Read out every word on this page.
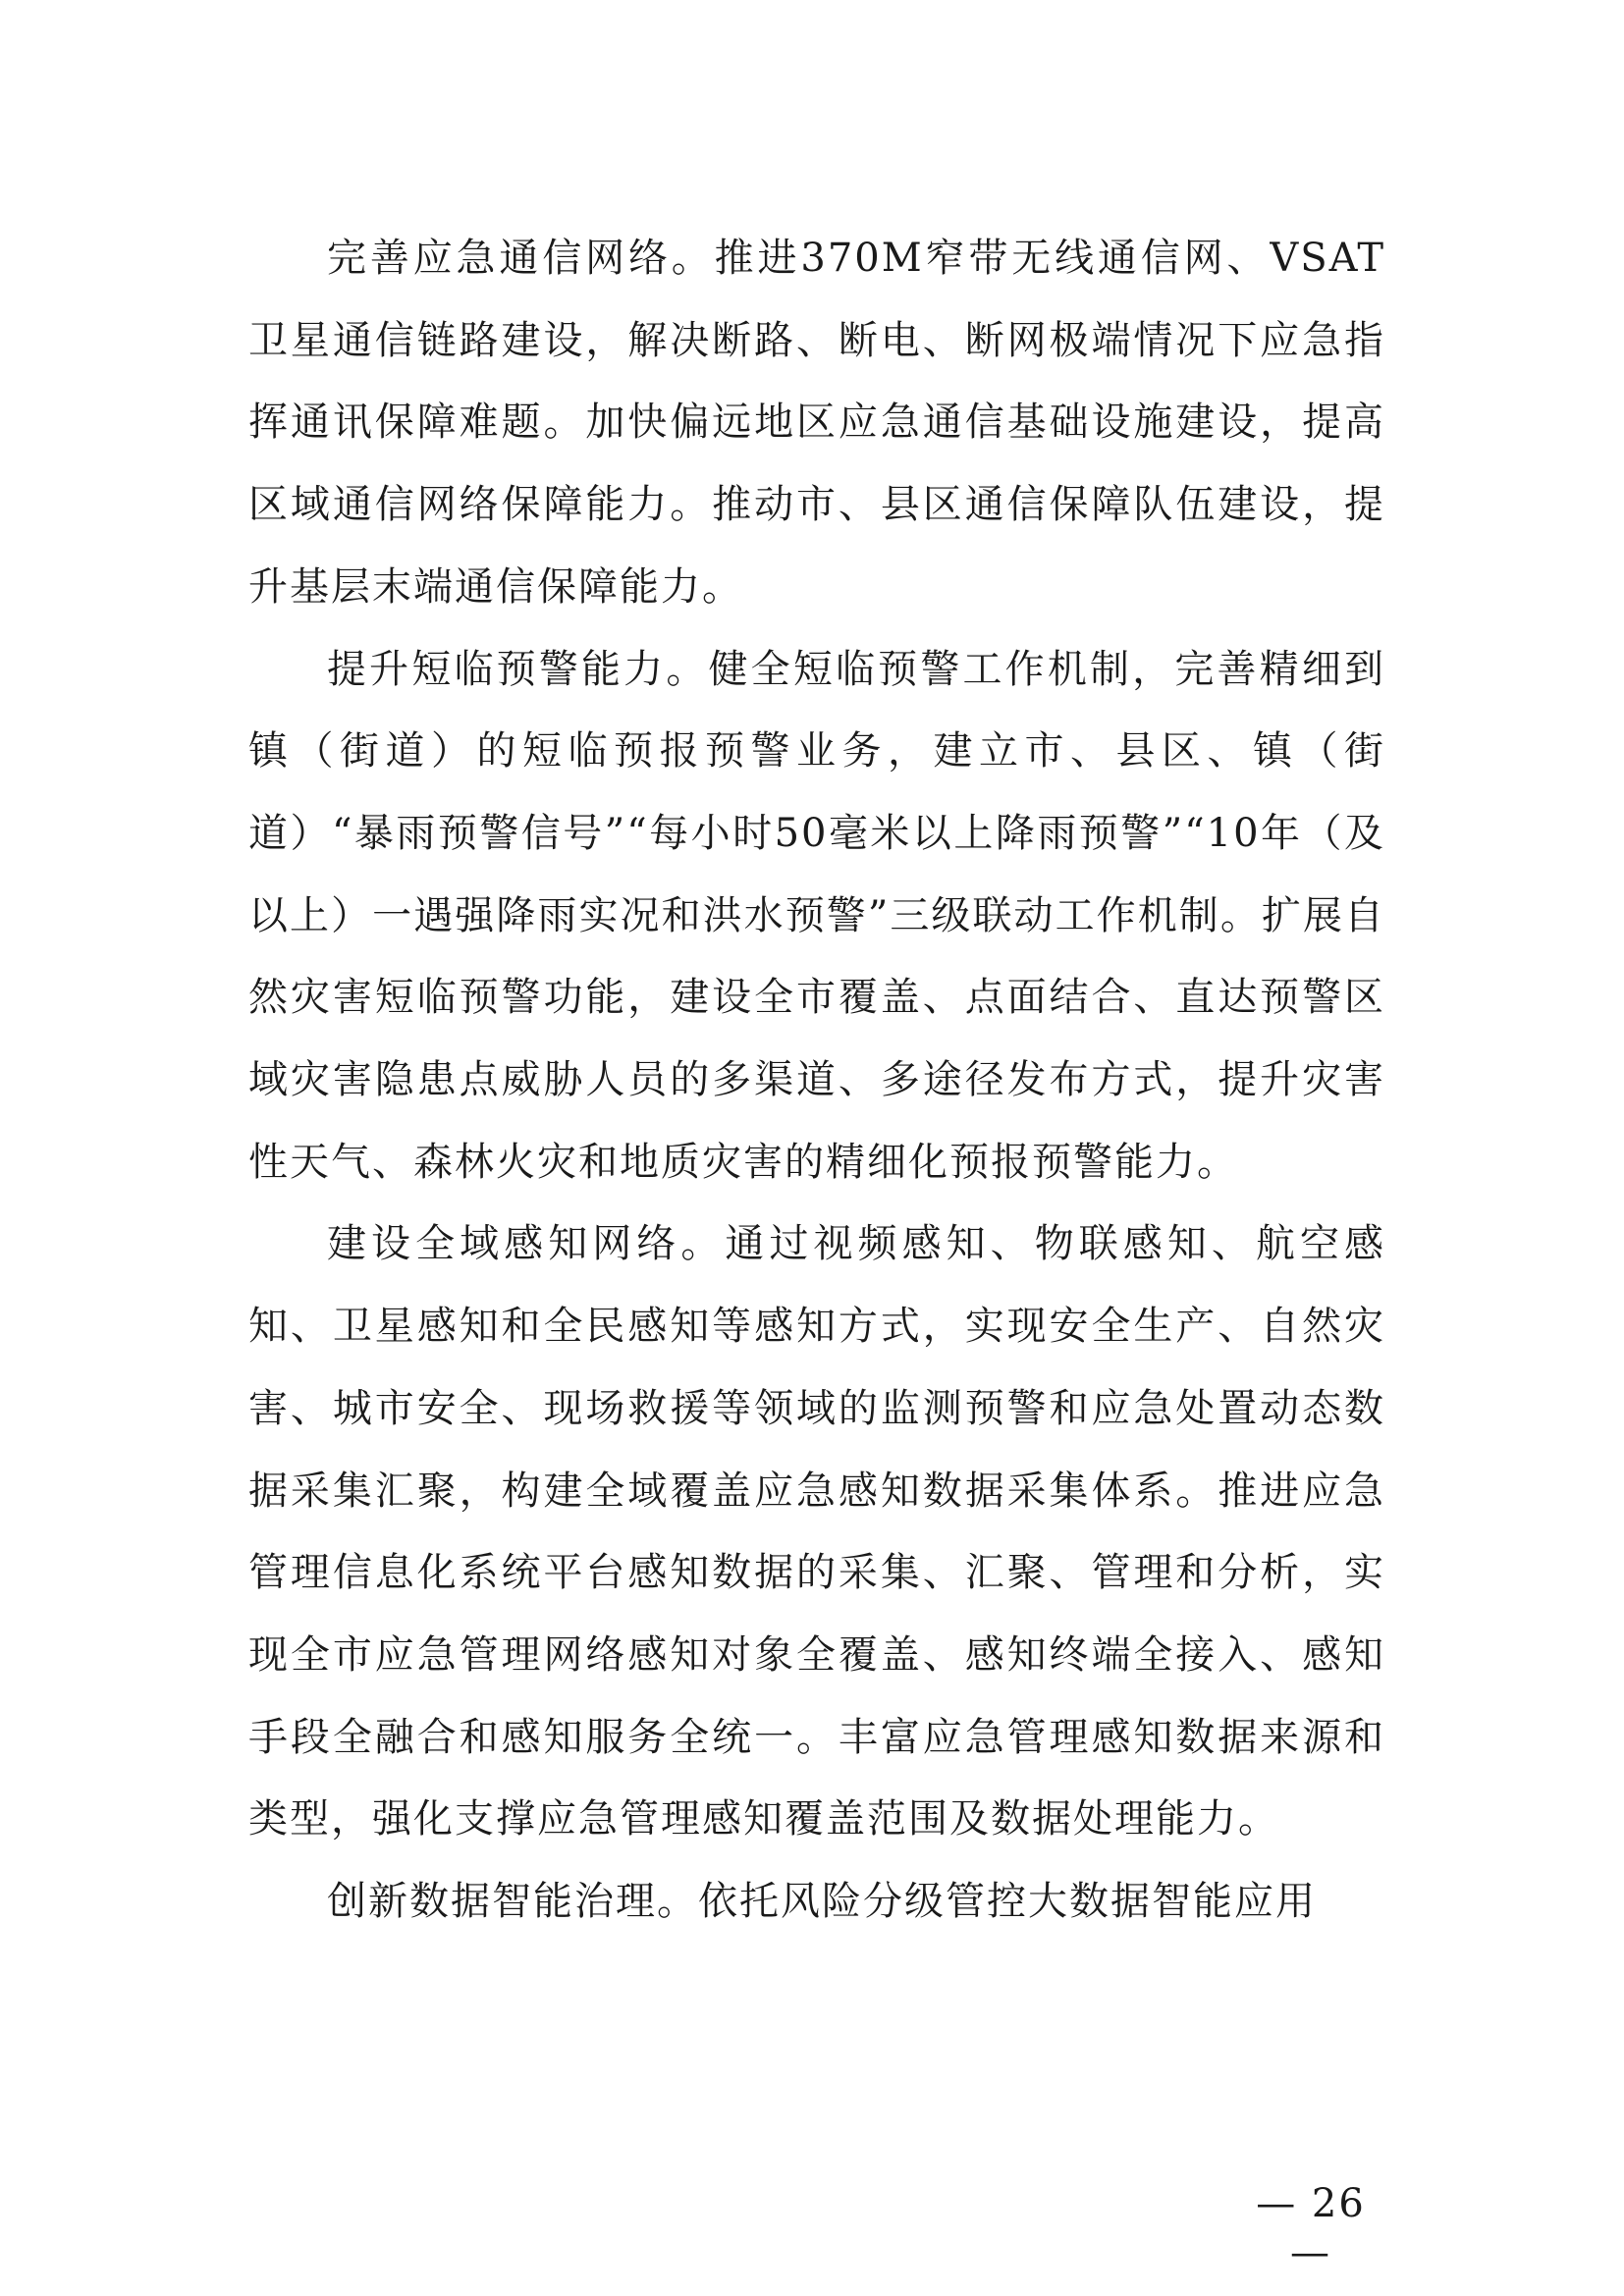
完善应急通信网络。推进370M窄带无线通信网、VSAT卫星通信链路建设，解决断路、断电、断网极端情况下应急指挥通讯保障难题。加快偏远地区应急通信基础设施建设，提高区域通信网络保障能力。推动市、县区通信保障队伍建设，提升基层末端通信保障能力。

提升短临预警能力。健全短临预警工作机制，完善精细到镇（街道）的短临预报预警业务，建立市、县区、镇（街道）“暴雨预警信号”“每小时50毫米以上降雨预警”“10年（及以上）一遇强降雨实况和洪水预警”三级联动工作机制。扩展自然灾害短临预警功能，建设全市覆盖、点面结合、直达预警区域灾害隐患点威胁人员的多渠道、多途径发布方式，提升灾害性天气、森林火灾和地质灾害的精细化预报预警能力。

建设全域感知网络。通过视频感知、物联感知、航空感知、卫星感知和全民感知等感知方式，实现安全生产、自然灾害、城市安全、现场救援等领域的监测预警和应急处置动态数据采集汇聚，构建全域覆盖应急感知数据采集体系。推进应急管理信息化系统平台感知数据的采集、汇聚、管理和分析，实现全市应急管理网络感知对象全覆盖、感知终端全接入、感知手段全融合和感知服务全统一。丰富应急管理感知数据来源和类型，强化支撑应急管理感知覆盖范围及数据处理能力。

创新数据智能治理。依托风险分级管控大数据智能应用

— 26 —
